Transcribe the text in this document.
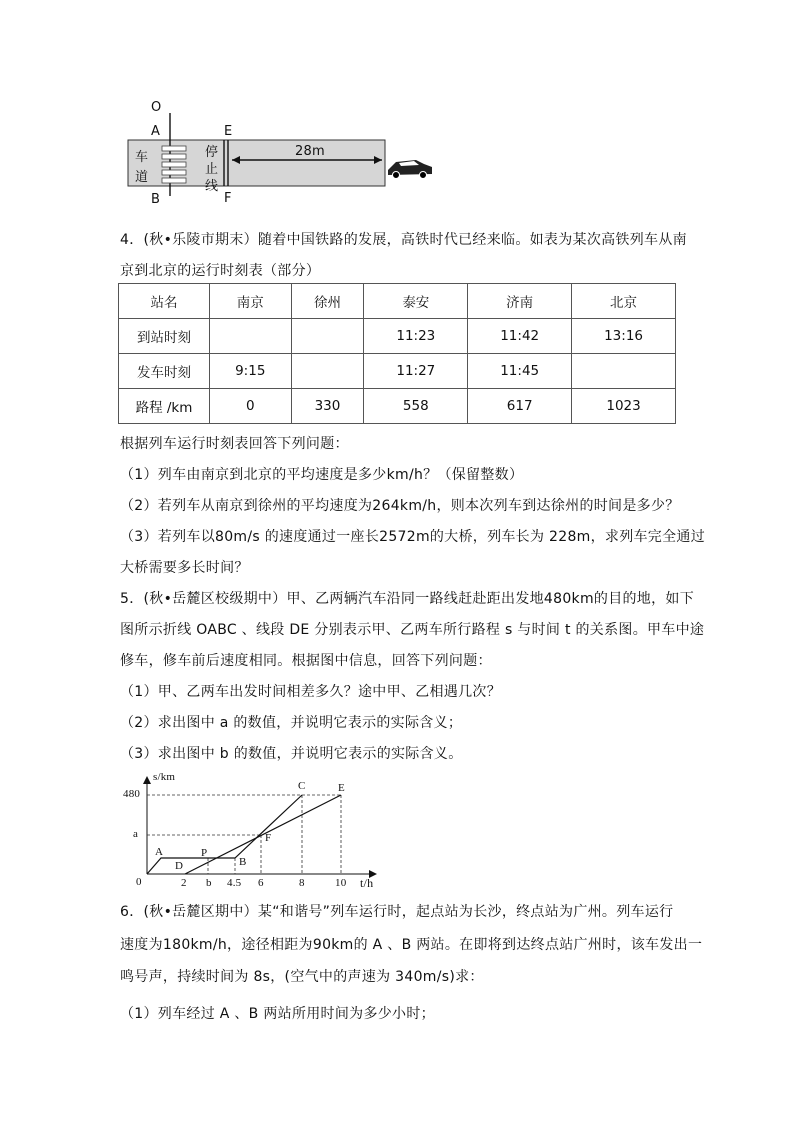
O
A
B
E
F
车
道
停
止
线
28m
4．(秋•乐陵市期末）随着中国铁路的发展，高铁时代已经来临。如表为某次高铁列车从南
京到北京的运行时刻表（部分）
站名	南京	徐州	泰安	济南	北京
到站时刻			11:23	11:42	13:16
发车时刻	9:15		11:27	11:45	
路程 /km	0	330	558	617	1023
根据列车运行时刻表回答下列问题：
（1）列车由南京到北京的平均速度是多少km/h？（保留整数）
（2）若列车从南京到徐州的平均速度为264km/h，则本次列车到达徐州的时间是多少？
（3）若列车以80m/s 的速度通过一座长2572m的大桥，列车长为 228m，求列车完全通过
大桥需要多长时间？
5．(秋•岳麓区校级期中）甲、乙两辆汽车沿同一路线赶赴距出发地480km的目的地，如下
图所示折线 OABC 、线段 DE 分别表示甲、乙两车所行路程 s 与时间 t 的关系图。甲车中途
修车，修车前后速度相同。根据图中信息，回答下列问题：
（1）甲、乙两车出发时间相差多久？途中甲、乙相遇几次？
（2）求出图中 a 的数值，并说明它表示的实际含义；
（3）求出图中 b 的数值，并说明它表示的实际含义。
s/km
t/h
480
a
0	2 b 4.5 6	8	10
A
D
P
B
F
C	E
6．(秋•岳麓区期中）某“和谐号”列车运行时，起点站为长沙，终点站为广州。列车运行
速度为180km/h，途径相距为90km的 A 、B 两站。在即将到达终点站广州时，该车发出一
鸣号声，持续时间为 8s，(空气中的声速为 340m/s)求：
（1）列车经过 A 、B 两站所用时间为多少小时；
